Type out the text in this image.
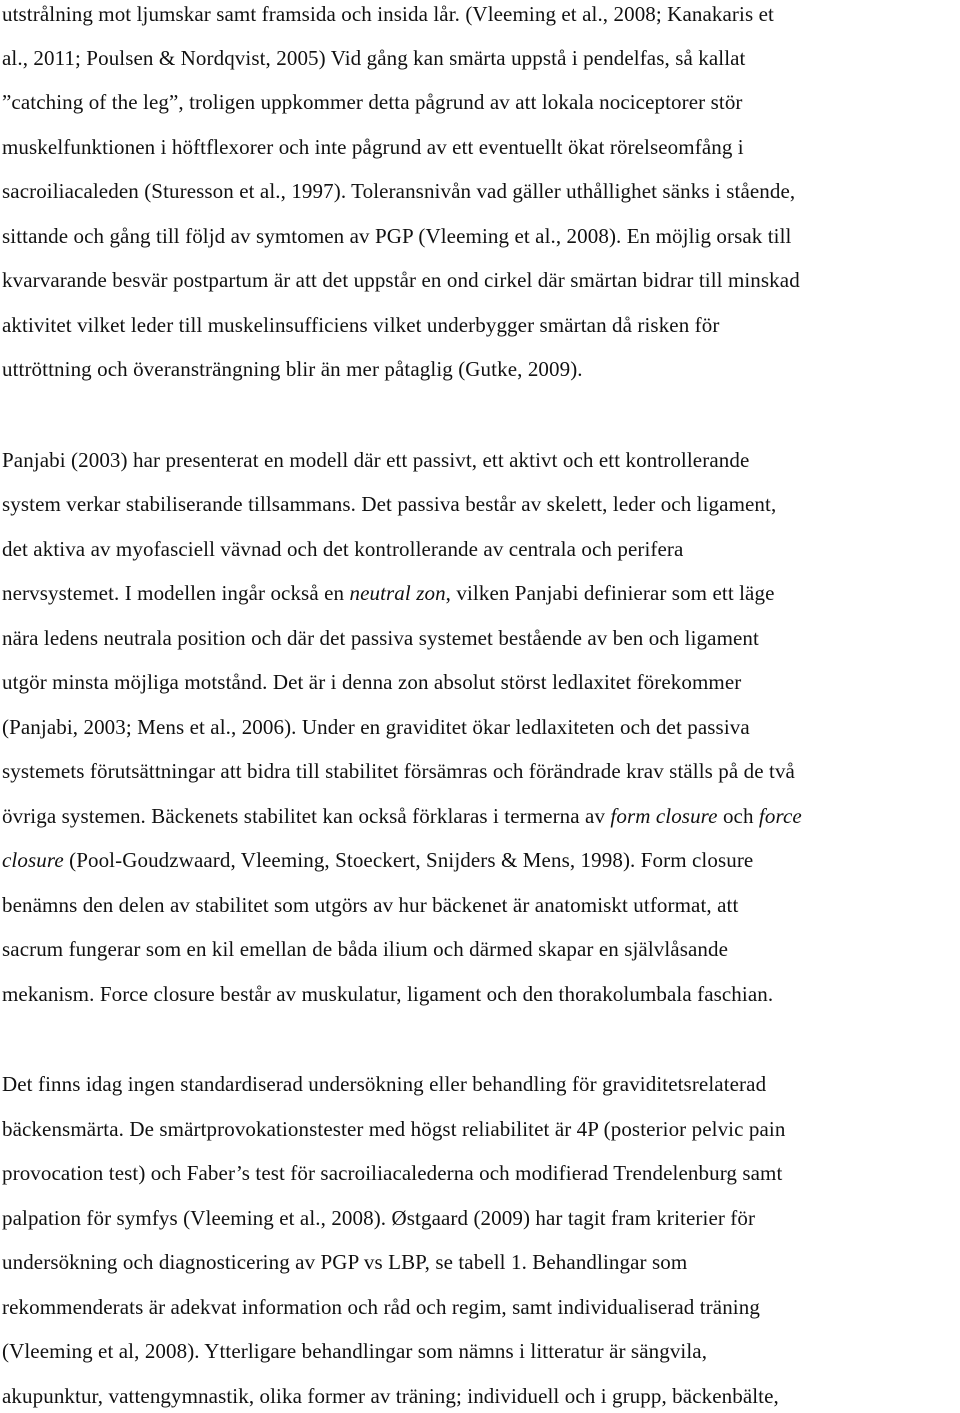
utstrålning mot ljumskar samt framsida och insida lår. (Vleeming et al., 2008; Kanakaris et
al., 2011; Poulsen & Nordqvist, 2005) Vid gång kan smärta uppstå i pendelfas, så kallat
”catching of the leg”, troligen uppkommer detta pågrund av att lokala nociceptorer stör
muskelfunktionen i höftflexorer och inte pågrund av ett eventuellt ökat rörelseomfång i
sacroiliacaleden (Sturesson et al., 1997). Toleransnivån vad gäller uthållighet sänks i stående,
sittande och gång till följd av symtomen av PGP (Vleeming et al., 2008). En möjlig orsak till
kvarvarande besvär postpartum är att det uppstår en ond cirkel där smärtan bidrar till minskad
aktivitet vilket leder till muskelinsufficiens vilket underbygger smärtan då risken för
uttröttning och överansträngning blir än mer påtaglig (Gutke, 2009).
Panjabi (2003) har presenterat en modell där ett passivt, ett aktivt och ett kontrollerande
system verkar stabiliserande tillsammans. Det passiva består av skelett, leder och ligament,
det aktiva av myofasciell vävnad och det kontrollerande av centrala och perifera
nervsystemet. I modellen ingår också en neutral zon, vilken Panjabi definierar som ett läge
nära ledens neutrala position och där det passiva systemet bestående av ben och ligament
utgör minsta möjliga motstånd. Det är i denna zon absolut störst ledlaxitet förekommer
(Panjabi, 2003; Mens et al., 2006). Under en graviditet ökar ledlaxiteten och det passiva
systemets förutsättningar att bidra till stabilitet försämras och förändrade krav ställs på de två
övriga systemen. Bäckenets stabilitet kan också förklaras i termerna av form closure och force
closure (Pool-Goudzwaard, Vleeming, Stoeckert, Snijders & Mens, 1998). Form closure
benämns den delen av stabilitet som utgörs av hur bäckenet är anatomiskt utformat, att
sacrum fungerar som en kil emellan de båda ilium och därmed skapar en självlåsande
mekanism. Force closure består av muskulatur, ligament och den thorakolumbala faschian.
Det finns idag ingen standardiserad undersökning eller behandling för graviditetsrelaterad
bäckensmärta. De smärtprovokationstester med högst reliabilitet är 4P (posterior pelvic pain
provocation test) och Faber’s test för sacroiliacalederna och modifierad Trendelenburg samt
palpation för symfys (Vleeming et al., 2008). Østgaard (2009) har tagit fram kriterier för
undersökning och diagnosticering av PGP vs LBP, se tabell 1. Behandlingar som
rekommenderats är adekvat information och råd och regim, samt individualiserad träning
(Vleeming et al, 2008). Ytterligare behandlingar som nämns i litteratur är sängvila,
akupunktur, vattengymnastik, olika former av träning; individuell och i grupp, bäckenbälte,
